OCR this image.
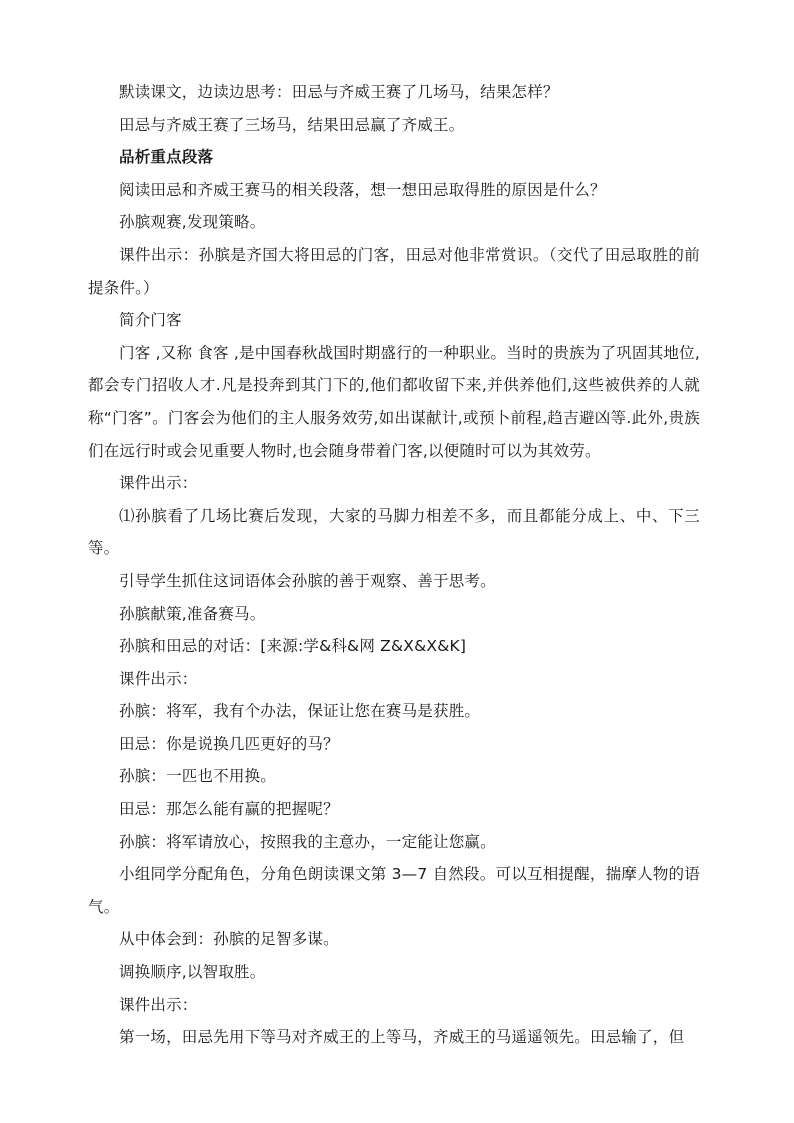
默读课文，边读边思考：田忌与齐威王赛了几场马，结果怎样？

田忌与齐威王赛了三场马，结果田忌赢了齐威王。

品析重点段落

阅读田忌和齐威王赛马的相关段落，想一想田忌取得胜的原因是什么？

孙膑观赛,发现策略。

课件出示：孙膑是齐国大将田忌的门客，田忌对他非常赏识。（交代了田忌取胜的前提条件。）

简介门客

门客 ,又称 食客 ,是中国春秋战国时期盛行的一种职业。当时的贵族为了巩固其地位,都会专门招收人才.凡是投奔到其门下的,他们都收留下来,并供养他们,这些被供养的人就称“门客”。门客会为他们的主人服务效劳,如出谋献计,或预卜前程,趋吉避凶等.此外,贵族们在远行时或会见重要人物时,也会随身带着门客,以便随时可以为其效劳。

课件出示：

⑴孙膑看了几场比赛后发现，大家的马脚力相差不多，而且都能分成上、中、下三等。

引导学生抓住这词语体会孙膑的善于观察、善于思考。

孙膑献策,准备赛马。

孙膑和田忌的对话：[来源:学&科&网 Z&X&X&K]

课件出示：

孙膑：将军，我有个办法，保证让您在赛马是获胜。

田忌：你是说换几匹更好的马？

孙膑：一匹也不用换。

田忌：那怎么能有赢的把握呢？

孙膑：将军请放心，按照我的主意办，一定能让您赢。

小组同学分配角色，分角色朗读课文第 3—7 自然段。可以互相提醒，揣摩人物的语气。

从中体会到：孙膑的足智多谋。

调换顺序,以智取胜。

课件出示：

第一场，田忌先用下等马对齐威王的上等马，齐威王的马遥遥领先。田忌输了，但
